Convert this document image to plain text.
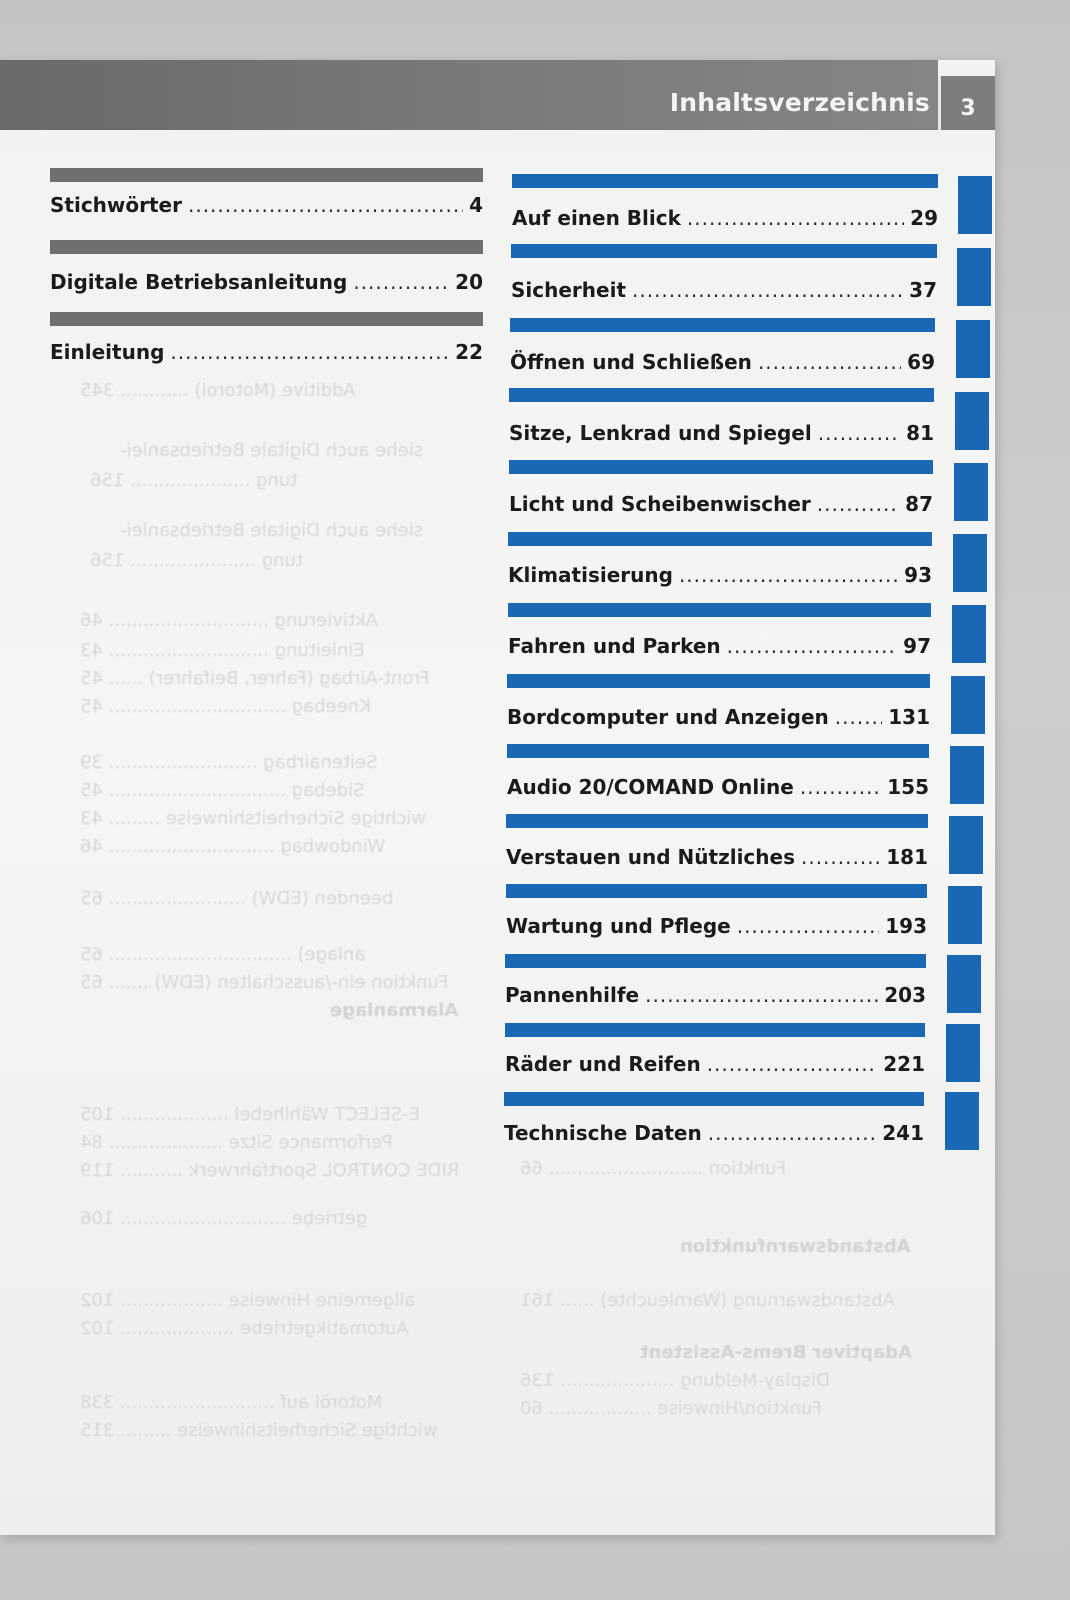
Additive (Motorol) ............ 345
siehe auch Digitale Betriebsanlei-
tung ..................... 156
siehe auch Digitale Betriebsanlei-
tung ...................... 156
Aktivierung ............................ 46
Einleitung ............................ 43
Front-Airbag (Fahrer, Beifahrer) ...... 45
Kneebag ............................... 45
Seitenairbag .......................... 39
Sidebag ............................... 45
wichtige Sicherheitshinweise ......... 43
Windowbag ............................. 46
beenden (EDW) ........................ 65
anlage) ................................ 65
Funktion ein-/ausschalten (EDW) ....... 65
Alarmanlage
E-SELECT Wählhebel ................... 105
Performance Sitze .................... 84
RIDE CONTROL Sportfahrwerk ........... 119
getriebe ............................. 106
allgemeine Hinweise .................. 102
Automatikgetriebe .................... 102
Motoröl auf ........................... 338
wichtige Sicherheitshinweise ......... 315
Funktion ........................... 66
Abstandswarnfunktion
Abstandswarnung (Warnleuchte) ...... 161
Adaptiver Brems-Assistent
Display-Meldung .................... 136
Funktion/Hinweise .................. 60
Inhaltsverzeichnis	3
Stichwörter .....	4
Digitale Betriebsanleitung .....	20
Einleitung .....	22
Auf einen Blick .....	29
Sicherheit .....	37
Öffnen und Schließen .....	69
Sitze, Lenkrad und Spiegel .....	81
Licht und Scheibenwischer .....	87
Klimatisierung .....	93
Fahren und Parken .....	97
Bordcomputer und Anzeigen .....	131
Audio 20/COMAND Online .....	155
Verstauen und Nützliches .....	181
Wartung und Pflege .....	193
Pannenhilfe .....	203
Räder und Reifen .....	221
Technische Daten .....	241
